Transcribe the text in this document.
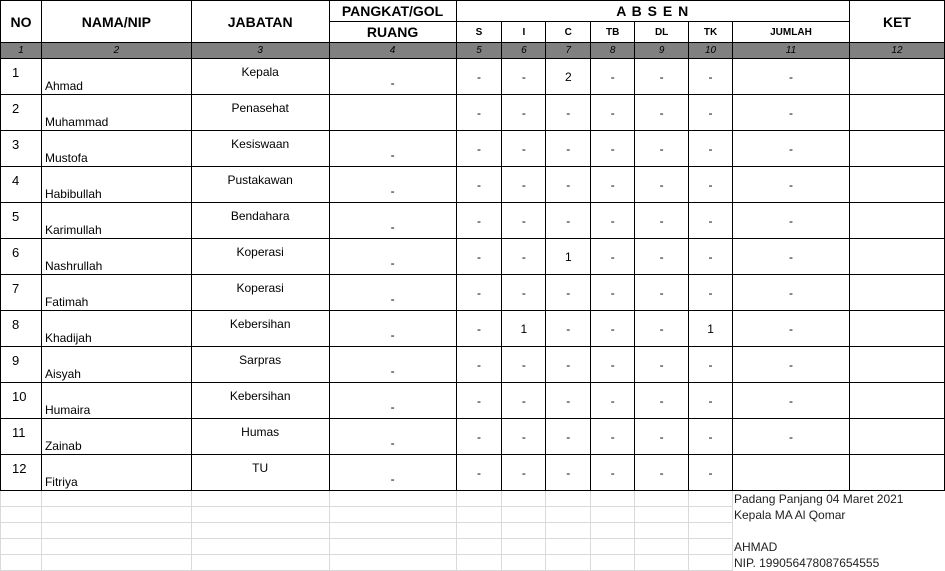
NO	NAMA/NIP	JABATAN	PANGKAT/GOL	A B S E N							KET
			RUANG	S	I	C	TB	DL	TK	JUMLAH	
1	2	3	4	5	6	7	8	9	10	11	12
1	Ahmad	Kepala	-	-	-	2	-	-	-	-	
2	Muhammad	Penasehat		-	-	-	-	-	-	-	
3	Mustofa	Kesiswaan	-	-	-	-	-	-	-	-	
4	Habibullah	Pustakawan	-	-	-	-	-	-	-	-	
5	Karimullah	Bendahara	-	-	-	-	-	-	-	-	
6	Nashrullah	Koperasi	-	-	-	1	-	-	-	-	
7	Fatimah	Koperasi	-	-	-	-	-	-	-	-	
8	Khadijah	Kebersihan	-	-	1	-	-	-	1	-	
9	Aisyah	Sarpras	-	-	-	-	-	-	-	-	
10	Humaira	Kebersihan	-	-	-	-	-	-	-	-	
11	Zainab	Humas	-	-	-	-	-	-	-	-	
12	Fitriya	TU	-	-	-	-	-	-	-		
										Padang Panjang 04 Maret 2021	
										Kepala MA Al Qomar	

										AHMAD	
										NIP. 199056478087654555	
